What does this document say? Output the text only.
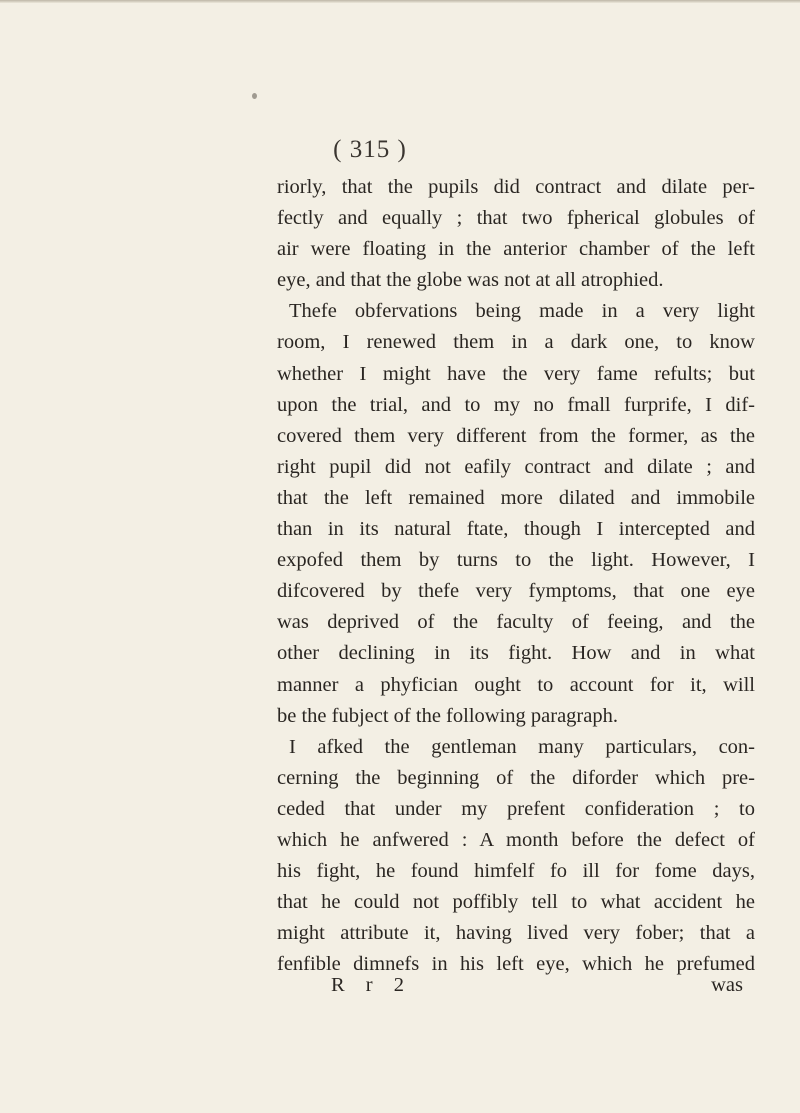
( 315 )
riorly, that the pupils did contract and dilate per-
fectly and equally ; that two fpherical globules of
air were floating in the anterior chamber of the left
eye, and that the globe was not at all atrophied.
Thefe obfervations being made in a very light
room, I renewed them in a dark one, to know
whether I might have the very fame refults; but
upon the trial, and to my no fmall furprife, I dif-
covered them very different from the former, as the
right pupil did not eafily contract and dilate ; and
that the left remained more dilated and immobile
than in its natural ftate, though I intercepted and
expofed them by turns to the light. However, I
difcovered by thefe very fymptoms, that one eye
was deprived of the faculty of feeing, and the
other declining in its fight. How and in what
manner a phyfician ought to account for it, will
be the fubject of the following paragraph.
I afked the gentleman many particulars, con-
cerning the beginning of the diforder which pre-
ceded that under my prefent confideration ; to
which he anfwered : A month before the defect of
his fight, he found himfelf fo ill for fome days,
that he could not poffibly tell to what accident he
might attribute it, having lived very fober; that a
fenfible dimnefs in his left eye, which he prefumed
R r 2	was
